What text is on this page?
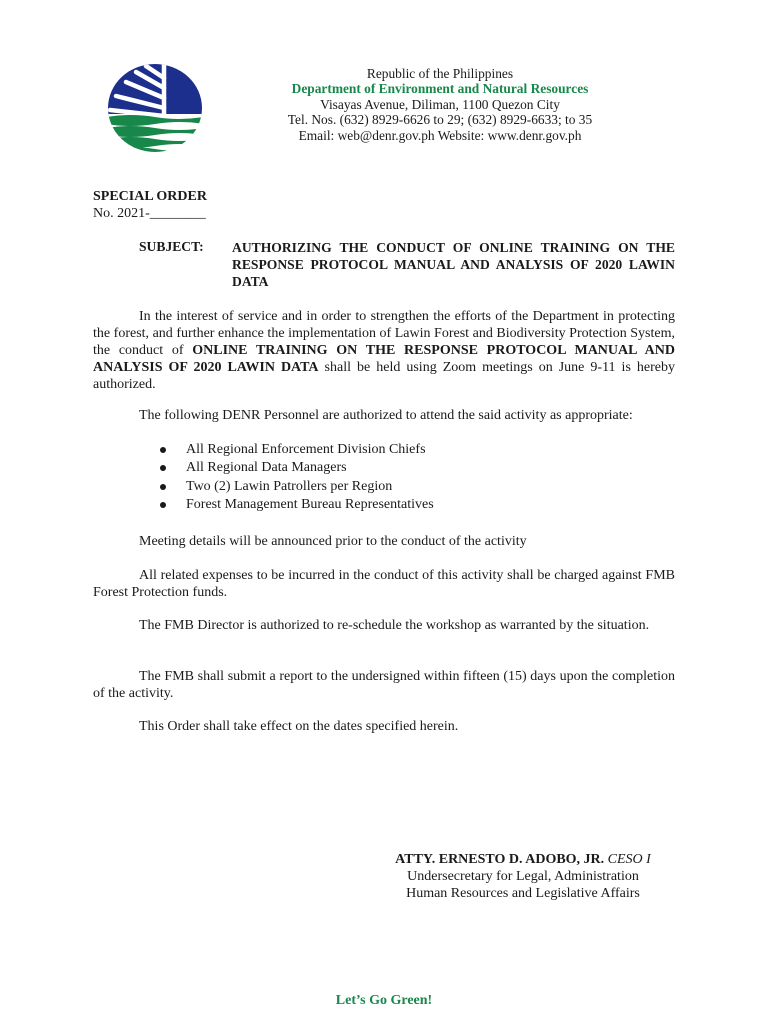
Republic of the Philippines
Department of Environment and Natural Resources
Visayas Avenue, Diliman, 1100 Quezon City
Tel. Nos. (632) 8929-6626 to 29; (632) 8929-6633; to 35
Email: web@denr.gov.ph Website: www.denr.gov.ph
SPECIAL ORDER
No. 2021-________
SUBJECT: AUTHORIZING THE CONDUCT OF ONLINE TRAINING ON THE RESPONSE PROTOCOL MANUAL AND ANALYSIS OF 2020 LAWIN DATA
In the interest of service and in order to strengthen the efforts of the Department in protecting the forest, and further enhance the implementation of Lawin Forest and Biodiversity Protection System, the conduct of ONLINE TRAINING ON THE RESPONSE PROTOCOL MANUAL AND ANALYSIS OF 2020 LAWIN DATA shall be held using Zoom meetings on June 9-11 is hereby authorized.
The following DENR Personnel are authorized to attend the said activity as appropriate:
All Regional Enforcement Division Chiefs
All Regional Data Managers
Two (2) Lawin Patrollers per Region
Forest Management Bureau Representatives
Meeting details will be announced prior to the conduct of the activity
All related expenses to be incurred in the conduct of this activity shall be charged against FMB Forest Protection funds.
The FMB Director is authorized to re-schedule the workshop as warranted by the situation.
The FMB shall submit a report to the undersigned within fifteen (15) days upon the completion of the activity.
This Order shall take effect on the dates specified herein.
ATTY. ERNESTO D. ADOBO, JR. CESO I
Undersecretary for Legal, Administration
Human Resources and Legislative Affairs
Let’s Go Green!
